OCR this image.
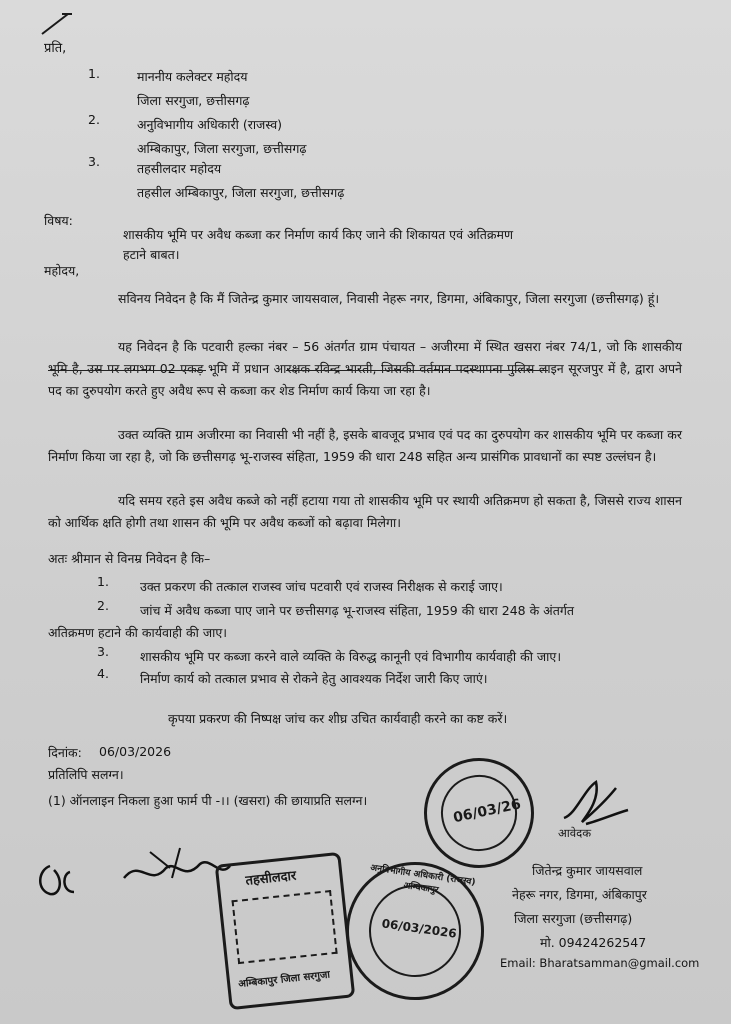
प्रति,
1.	माननीय कलेक्टर महोदय
जिला सरगुजा, छत्तीसगढ़
2.	अनुविभागीय अधिकारी (राजस्व)
अम्बिकापुर, जिला सरगुजा, छत्तीसगढ़
3.	तहसीलदार महोदय
तहसील अम्बिकापुर, जिला सरगुजा, छत्तीसगढ़
विषय:
शासकीय भूमि पर अवैध कब्जा कर निर्माण कार्य किए जाने की शिकायत एवं अतिक्रमण
हटाने बाबत।
महोदय,
सविनय निवेदन है कि मैं जितेन्द्र कुमार जायसवाल, निवासी नेहरू नगर, डिगमा, अंबिकापुर, जिला सरगुजा (छत्तीसगढ़) हूं।
यह निवेदन है कि पटवारी हल्का नंबर – 56 अंतर्गत ग्राम पंचायत – अजीरमा में स्थित खसरा नंबर 74/1, जो कि शासकीय भूमि है, उस पर लगभग 02 एकड़ भूमि में प्रधान आरक्षक रविन्द्र भारती, जिसकी वर्तमान पदस्थापना पुलिस लाइन सूरजपुर में है, द्वारा अपने पद का दुरुपयोग करते हुए अवैध रूप से कब्जा कर शेड निर्माण कार्य किया जा रहा है।
उक्त व्यक्ति ग्राम अजीरमा का निवासी भी नहीं है, इसके बावजूद प्रभाव एवं पद का दुरुपयोग कर शासकीय भूमि पर कब्जा कर निर्माण किया जा रहा है, जो कि छत्तीसगढ़ भू-राजस्व संहिता, 1959 की धारा 248 सहित अन्य प्रासंगिक प्रावधानों का स्पष्ट उल्लंघन है।
यदि समय रहते इस अवैध कब्जे को नहीं हटाया गया तो शासकीय भूमि पर स्थायी अतिक्रमण हो सकता है, जिससे राज्य शासन को आर्थिक क्षति होगी तथा शासन की भूमि पर अवैध कब्जों को बढ़ावा मिलेगा।
अतः श्रीमान से विनम्र निवेदन है कि–
1. उक्त प्रकरण की तत्काल राजस्व जांच पटवारी एवं राजस्व निरीक्षक से कराई जाए।
2. जांच में अवैध कब्जा पाए जाने पर छत्तीसगढ़ भू-राजस्व संहिता, 1959 की धारा 248 के अंतर्गत
अतिक्रमण हटाने की कार्यवाही की जाए।
3. शासकीय भूमि पर कब्जा करने वाले व्यक्ति के विरुद्ध कानूनी एवं विभागीय कार्यवाही की जाए।
4. निर्माण कार्य को तत्काल प्रभाव से रोकने हेतु आवश्यक निर्देश जारी किए जाएं।
कृपया प्रकरण की निष्पक्ष जांच कर शीघ्र उचित कार्यवाही करने का कष्ट करें।
दिनांक: 06/03/2026
प्रतिलिपि सलग्न।
(1) ऑनलाइन निकला हुआ फार्म पी -।। (खसरा) की छायाप्रति सलग्न।	06/03/26
आवेदक
जितेन्द्र कुमार जायसवाल
नेहरू नगर, डिगमा, अंबिकापुर
जिला सरगुजा (छत्तीसगढ़)
मो. 09424262547
Email: Bharatsamman@gmail.com
तहसीलदार
अम्बिकापुर जिला सरगुजा
अनुविभागीय अधिकारी (राजस्व) अम्बिकापुर
06/03/2026
